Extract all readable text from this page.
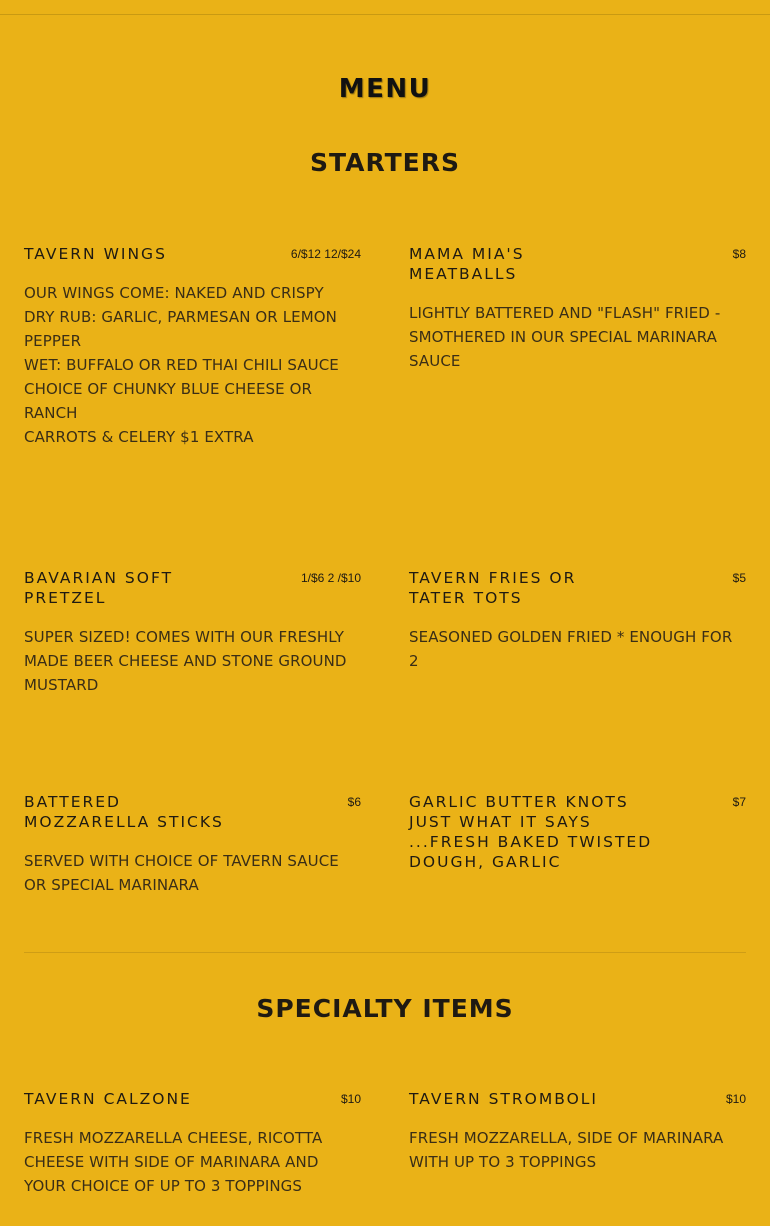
MENU
STARTERS
TAVERN WINGS	6/$12 12/$24
OUR WINGS COME: NAKED AND CRISPY
DRY RUB: GARLIC, PARMESAN OR LEMON PEPPER
WET: BUFFALO OR RED THAI CHILI SAUCE
CHOICE OF CHUNKY BLUE CHEESE OR RANCH
CARROTS & CELERY $1 EXTRA
MAMA MIA'S MEATBALLS
$8
LIGHTLY BATTERED AND "FLASH" FRIED - SMOTHERED IN OUR SPECIAL MARINARA SAUCE
BAVARIAN SOFT PRETZEL
1/$6 2 /$10
SUPER SIZED! COMES WITH OUR FRESHLY MADE BEER CHEESE AND STONE GROUND MUSTARD
TAVERN FRIES OR TATER TOTS
$5
SEASONED GOLDEN FRIED * ENOUGH FOR 2
BATTERED MOZZARELLA STICKS
$6
SERVED WITH CHOICE OF TAVERN SAUCE OR SPECIAL MARINARA
GARLIC BUTTER KNOTS JUST WHAT IT SAYS ...FRESH BAKED TWISTED DOUGH, GARLIC
$7
SPECIALTY ITEMS
TAVERN CALZONE	$10
FRESH MOZZARELLA CHEESE, RICOTTA CHEESE WITH SIDE OF MARINARA AND YOUR CHOICE OF UP TO 3 TOPPINGS
TAVERN STROMBOLI	$10
FRESH MOZZARELLA, SIDE OF MARINARA WITH UP TO 3 TOPPINGS
